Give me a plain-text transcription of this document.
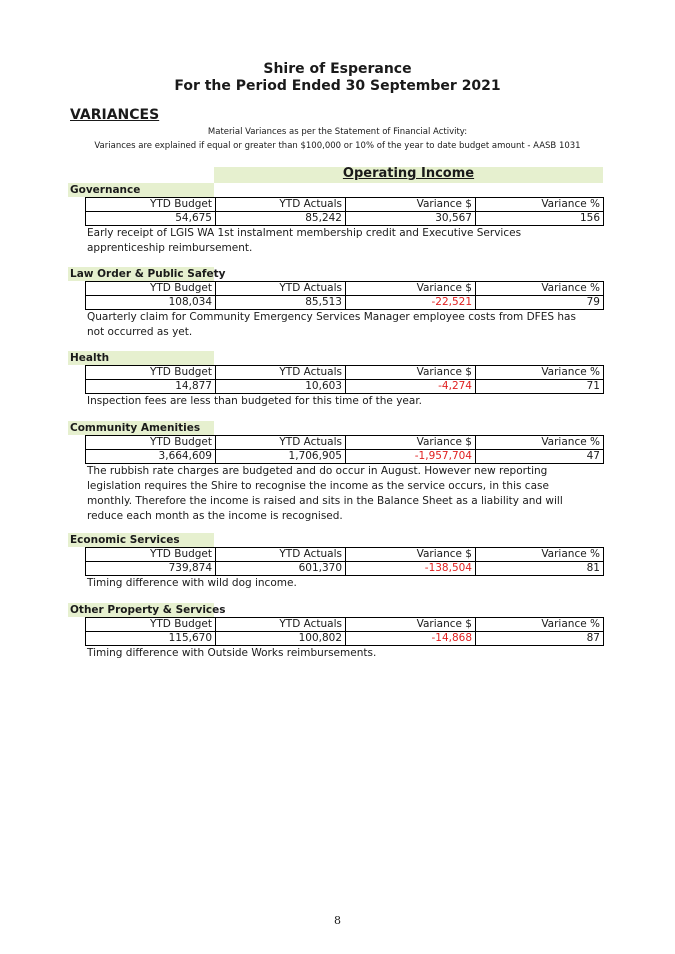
Shire of Esperance
For the Period Ended 30 September 2021
VARIANCES
Material Variances as per the Statement of Financial Activity:
Variances are explained if equal or greater than $100,000 or 10% of the year to date budget amount - AASB 1031
Operating Income
Governance
YTD Budget	YTD Actuals	Variance $	Variance %
54,675	85,242	30,567	156
Early receipt of LGIS WA 1st instalment membership credit and Executive Services apprenticeship reimbursement.
Law Order & Public Safety
YTD Budget	YTD Actuals	Variance $	Variance %
108,034	85,513	-22,521	79
Quarterly claim for Community Emergency Services Manager employee costs from DFES has not occurred as yet.
Health
YTD Budget	YTD Actuals	Variance $	Variance %
14,877	10,603	-4,274	71
Inspection fees are less than budgeted for this time of the year.
Community Amenities
YTD Budget	YTD Actuals	Variance $	Variance %
3,664,609	1,706,905	-1,957,704	47
The rubbish rate charges are budgeted and do occur in August. However new reporting legislation requires the Shire to recognise the income as the service occurs, in this case monthly. Therefore the income is raised and sits in the Balance Sheet as a liability and will reduce each month as the income is recognised.
Economic Services
YTD Budget	YTD Actuals	Variance $	Variance %
739,874	601,370	-138,504	81
Timing difference with wild dog income.
Other Property & Services
YTD Budget	YTD Actuals	Variance $	Variance %
115,670	100,802	-14,868	87
Timing difference with Outside Works reimbursements.
8
